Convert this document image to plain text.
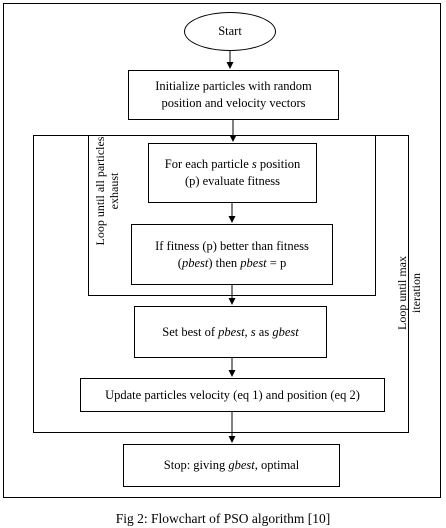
Start
Initialize particles with random
position and velocity vectors
For each particle s position
(p) evaluate fitness
If fitness (p) better than fitness
(pbest) then pbest = p
Set best of pbest, s as gbest
Update particles velocity (eq 1) and position (eq 2)
Stop: giving gbest, optimal
Loop until all particles exhaust
Loop until max iteration
Fig 2: Flowchart of PSO algorithm [10]
